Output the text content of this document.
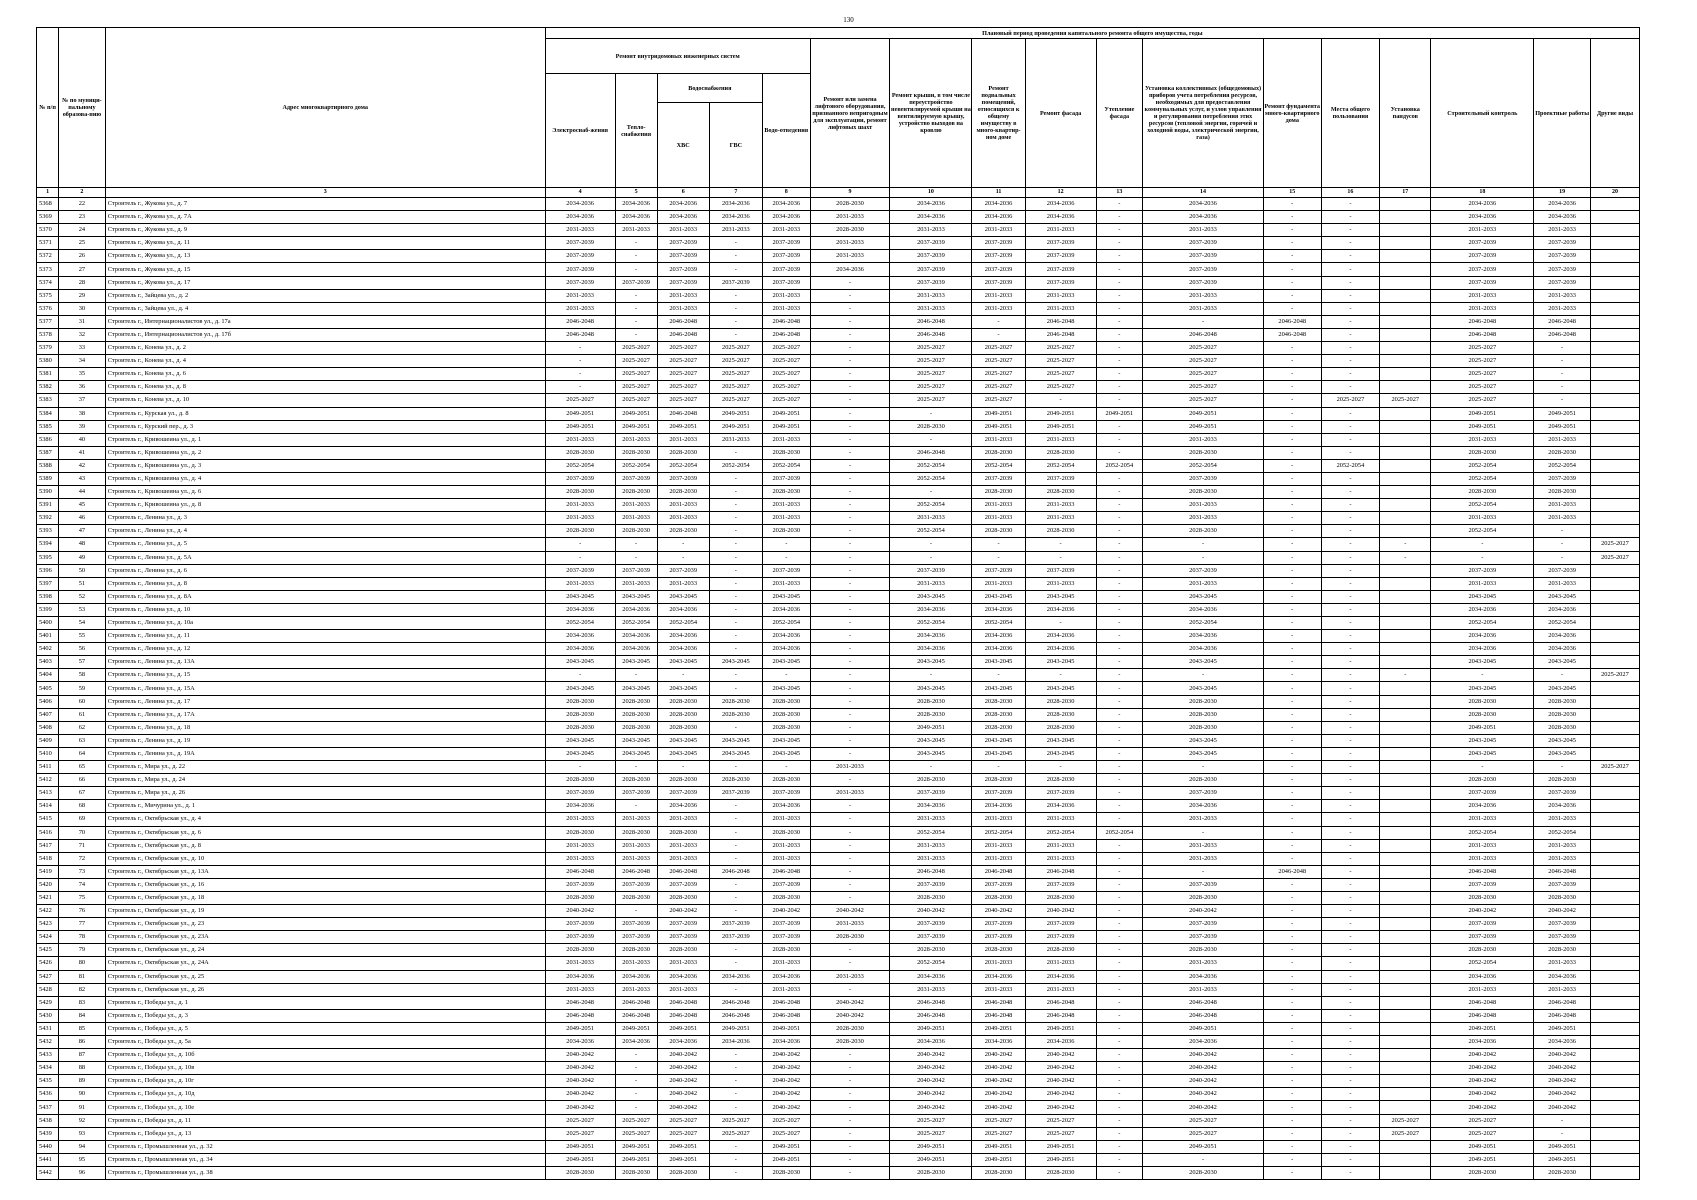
130
№ п/п	№ по муници-пальному образова-нию	Адрес многоквартирного дома	Плановый период проведения капитального ремонта общего имущества, годы																
			Ремонт внутридомовых инженерных систем					Ремонт или замена лифтового оборудования, признанного непригодным для эксплуатации, ремонт лифтовых шахт	Ремонт крыши, в том числе переустройство невентилируемой крыши на вентилируемую крышу, устройство выходов на кровлю	Ремонт подвальных помещений, относящихся к общему имуществу в много-квартир-ном доме	Ремонт фасада	Утепление фасада	Установка коллективных (общедомовых) приборов учета потребления ресурсов, необходимых для предоставления коммунальных услуг, и узлов управления и регулирования потребления этих ресурсов (тепловой энергии, горячей и холодной воды, электрической энергии, газа)	Ремонт фундамента много-квартирного дома	Места общего пользования	Установка пандусов	Строительный контроль	Проектные работы	Другие виды
			Электроснаб-жения	Тепло-снабжения	Водоснабжения		Водо-отведения												
					ХВС	ГВС													
1	2	3	4	5	6	7	8	9	10	11	12	13	14	15	16	17	18	19	20
5368	22	Строитель г., Жукова ул., д. 7	2034-2036	2034-2036	2034-2036	2034-2036	2034-2036	2028-2030	2034-2036	2034-2036	2034-2036	-	2034-2036	-	-		2034-2036	2034-2036	
5369	23	Строитель г., Жукова ул., д. 7А	2034-2036	2034-2036	2034-2036	2034-2036	2034-2036	2031-2033	2034-2036	2034-2036	2034-2036	-	2034-2036	-	-		2034-2036	2034-2036	
5370	24	Строитель г., Жукова ул., д. 9	2031-2033	2031-2033	2031-2033	2031-2033	2031-2033	2028-2030	2031-2033	2031-2033	2031-2033	-	2031-2033	-	-		2031-2033	2031-2033	
5371	25	Строитель г., Жукова ул., д. 11	2037-2039	-	2037-2039	-	2037-2039	2031-2033	2037-2039	2037-2039	2037-2039	-	2037-2039	-	-		2037-2039	2037-2039	
5372	26	Строитель г., Жукова ул., д. 13	2037-2039	-	2037-2039	-	2037-2039	2031-2033	2037-2039	2037-2039	2037-2039	-	2037-2039	-	-		2037-2039	2037-2039	
5373	27	Строитель г., Жукова ул., д. 15	2037-2039	-	2037-2039	-	2037-2039	2034-2036	2037-2039	2037-2039	2037-2039	-	2037-2039	-	-		2037-2039	2037-2039	
5374	28	Строитель г., Жукова ул., д. 17	2037-2039	2037-2039	2037-2039	2037-2039	2037-2039	-	2037-2039	2037-2039	2037-2039	-	2037-2039	-	-		2037-2039	2037-2039	
5375	29	Строитель г., Зайцева ул., д. 2	2031-2033	-	2031-2033	-	2031-2033	-	2031-2033	2031-2033	2031-2033	-	2031-2033	-	-		2031-2033	2031-2033	
5376	30	Строитель г., Зайцева ул., д. 4	2031-2033	-	2031-2033	-	2031-2033	-	2031-2033	2031-2033	2031-2033	-	2031-2033	-	-		2031-2033	2031-2033	
5377	31	Строитель г., Интернационалистов ул., д. 17а	2046-2048	-	2046-2048	-	2046-2048	-	2046-2048	-	2046-2048	-	-	2046-2048	-		2046-2048	2046-2048	
5378	32	Строитель г., Интернационалистов ул., д. 17б	2046-2048	-	2046-2048	-	2046-2048	-	2046-2048	-	2046-2048	-	2046-2048	2046-2048	-		2046-2048	2046-2048	
5379	33	Строитель г., Конева ул., д. 2	-	2025-2027	2025-2027	2025-2027	2025-2027	-	2025-2027	2025-2027	2025-2027	-	2025-2027	-	-		2025-2027	-	
5380	34	Строитель г., Конева ул., д. 4	-	2025-2027	2025-2027	2025-2027	2025-2027	-	2025-2027	2025-2027	2025-2027	-	2025-2027	-	-		2025-2027	-	
5381	35	Строитель г., Конева ул., д. 6	-	2025-2027	2025-2027	2025-2027	2025-2027	-	2025-2027	2025-2027	2025-2027	-	2025-2027	-	-		2025-2027	-	
5382	36	Строитель г., Конева ул., д. 8	-	2025-2027	2025-2027	2025-2027	2025-2027	-	2025-2027	2025-2027	2025-2027	-	2025-2027	-	-		2025-2027	-	
5383	37	Строитель г., Конева ул., д. 10	2025-2027	2025-2027	2025-2027	2025-2027	2025-2027	-	2025-2027	2025-2027	-	-	2025-2027	-	2025-2027	2025-2027	2025-2027	-	
5384	38	Строитель г., Курская ул., д. 8	2049-2051	2049-2051	2046-2048	2049-2051	2049-2051	-	-	2049-2051	2049-2051	2049-2051	2049-2051	-	-		2049-2051	2049-2051	
5385	39	Строитель г., Курский пер., д. 3	2049-2051	2049-2051	2049-2051	2049-2051	2049-2051	-	2028-2030	2049-2051	2049-2051	-	2049-2051	-	-		2049-2051	2049-2051	
5386	40	Строитель г., Кривошеина ул., д. 1	2031-2033	2031-2033	2031-2033	2031-2033	2031-2033	-	-	2031-2033	2031-2033	-	2031-2033	-	-		2031-2033	2031-2033	
5387	41	Строитель г., Кривошеина ул., д. 2	2028-2030	2028-2030	2028-2030	-	2028-2030	-	2046-2048	2028-2030	2028-2030	-	2028-2030	-	-		2028-2030	2028-2030	
5388	42	Строитель г., Кривошеина ул., д. 3	2052-2054	2052-2054	2052-2054	2052-2054	2052-2054	-	2052-2054	2052-2054	2052-2054	2052-2054	2052-2054	-	2052-2054		2052-2054	2052-2054	
5389	43	Строитель г., Кривошеина ул., д. 4	2037-2039	2037-2039	2037-2039	-	2037-2039	-	2052-2054	2037-2039	2037-2039	-	2037-2039	-	-		2052-2054	2037-2039	
5390	44	Строитель г., Кривошеина ул., д. 6	2028-2030	2028-2030	2028-2030	-	2028-2030	-	-	2028-2030	2028-2030	-	2028-2030	-	-		2028-2030	2028-2030	
5391	45	Строитель г., Кривошеина ул., д. 8	2031-2033	2031-2033	2031-2033	-	2031-2033	-	2052-2054	2031-2033	2031-2033	-	2031-2033	-	-		2052-2054	2031-2033	
5392	46	Строитель г., Ленина ул., д. 3	2031-2033	2031-2033	2031-2033	-	2031-2033	-	2031-2033	2031-2033	2031-2033	-	2031-2033	-	-		2031-2033	2031-2033	
5393	47	Строитель г., Ленина ул., д. 4	2028-2030	2028-2030	2028-2030	-	2028-2030	-	2052-2054	2028-2030	2028-2030	-	2028-2030	-	-		2052-2054	-	
5394	48	Строитель г., Ленина ул., д. 5	-	-	-	-	-	-	-	-	-	-	-	-	-	-	-	-	2025-2027
5395	49	Строитель г., Ленина ул., д. 5А	-	-	-	-	-	-	-	-	-	-	-	-	-	-	-	-	2025-2027
5396	50	Строитель г., Ленина ул., д. 6	2037-2039	2037-2039	2037-2039	-	2037-2039	-	2037-2039	2037-2039	2037-2039	-	2037-2039	-	-		2037-2039	2037-2039	
5397	51	Строитель г., Ленина ул., д. 8	2031-2033	2031-2033	2031-2033	-	2031-2033	-	2031-2033	2031-2033	2031-2033	-	2031-2033	-	-		2031-2033	2031-2033	
5398	52	Строитель г., Ленина ул., д. 8А	2043-2045	2043-2045	2043-2045	-	2043-2045	-	2043-2045	2043-2045	2043-2045	-	2043-2045	-	-		2043-2045	2043-2045	
5399	53	Строитель г., Ленина ул., д. 10	2034-2036	2034-2036	2034-2036	-	2034-2036	-	2034-2036	2034-2036	2034-2036	-	2034-2036	-	-		2034-2036	2034-2036	
5400	54	Строитель г., Ленина ул., д. 10а	2052-2054	2052-2054	2052-2054	-	2052-2054	-	2052-2054	2052-2054	-	-	2052-2054	-	-		2052-2054	2052-2054	
5401	55	Строитель г., Ленина ул., д. 11	2034-2036	2034-2036	2034-2036	-	2034-2036	-	2034-2036	2034-2036	2034-2036	-	2034-2036	-	-		2034-2036	2034-2036	
5402	56	Строитель г., Ленина ул., д. 12	2034-2036	2034-2036	2034-2036	-	2034-2036	-	2034-2036	2034-2036	2034-2036	-	2034-2036	-	-		2034-2036	2034-2036	
5403	57	Строитель г., Ленина ул., д. 13А	2043-2045	2043-2045	2043-2045	2043-2045	2043-2045	-	2043-2045	2043-2045	2043-2045	-	2043-2045	-	-		2043-2045	2043-2045	
5404	58	Строитель г., Ленина ул., д. 15	-	-	-	-	-	-	-	-	-	-	-	-	-	-	-	-	2025-2027
5405	59	Строитель г., Ленина ул., д. 15А	2043-2045	2043-2045	2043-2045	-	2043-2045	-	2043-2045	2043-2045	2043-2045	-	2043-2045	-	-		2043-2045	2043-2045	
5406	60	Строитель г., Ленина ул., д. 17	2028-2030	2028-2030	2028-2030	2028-2030	2028-2030	-	2028-2030	2028-2030	2028-2030	-	2028-2030	-	-		2028-2030	2028-2030	
5407	61	Строитель г., Ленина ул., д. 17А	2028-2030	2028-2030	2028-2030	2028-2030	2028-2030	-	2028-2030	2028-2030	2028-2030	-	2028-2030	-	-		2028-2030	2028-2030	
5408	62	Строитель г., Ленина ул., д. 18	2028-2030	2028-2030	2028-2030	-	2028-2030	-	2049-2051	2028-2030	2028-2030	-	2028-2030	-	-		2049-2051	2028-2030	
5409	63	Строитель г., Ленина ул., д. 19	2043-2045	2043-2045	2043-2045	2043-2045	2043-2045	-	2043-2045	2043-2045	2043-2045	-	2043-2045	-	-		2043-2045	2043-2045	
5410	64	Строитель г., Ленина ул., д. 19А	2043-2045	2043-2045	2043-2045	2043-2045	2043-2045	-	2043-2045	2043-2045	2043-2045	-	2043-2045	-	-		2043-2045	2043-2045	
5411	65	Строитель г., Мира ул., д. 22	-	-	-	-	-	2031-2033	-	-	-	-	-	-	-		-	-	2025-2027
5412	66	Строитель г., Мира ул., д. 24	2028-2030	2028-2030	2028-2030	2028-2030	2028-2030	-	2028-2030	2028-2030	2028-2030	-	2028-2030	-	-		2028-2030	2028-2030	
5413	67	Строитель г., Мира ул., д. 26	2037-2039	2037-2039	2037-2039	2037-2039	2037-2039	2031-2033	2037-2039	2037-2039	2037-2039	-	2037-2039	-	-		2037-2039	2037-2039	
5414	68	Строитель г., Мичурина ул., д. 1	2034-2036	-	2034-2036	-	2034-2036	-	2034-2036	2034-2036	2034-2036	-	2034-2036	-	-		2034-2036	2034-2036	
5415	69	Строитель г., Октябрьская ул., д. 4	2031-2033	2031-2033	2031-2033	-	2031-2033	-	2031-2033	2031-2033	2031-2033	-	2031-2033	-	-		2031-2033	2031-2033	
5416	70	Строитель г., Октябрьская ул., д. 6	2028-2030	2028-2030	2028-2030	-	2028-2030	-	2052-2054	2052-2054	2052-2054	2052-2054	-	-	-		2052-2054	2052-2054	
5417	71	Строитель г., Октябрьская ул., д. 8	2031-2033	2031-2033	2031-2033	-	2031-2033	-	2031-2033	2031-2033	2031-2033	-	2031-2033	-	-		2031-2033	2031-2033	
5418	72	Строитель г., Октябрьская ул., д. 10	2031-2033	2031-2033	2031-2033	-	2031-2033	-	2031-2033	2031-2033	2031-2033	-	2031-2033	-	-		2031-2033	2031-2033	
5419	73	Строитель г., Октябрьская ул., д. 13А	2046-2048	2046-2048	2046-2048	2046-2048	2046-2048	-	2046-2048	2046-2048	2046-2048	-	-	2046-2048	-		2046-2048	2046-2048	
5420	74	Строитель г., Октябрьская ул., д. 16	2037-2039	2037-2039	2037-2039	-	2037-2039	-	2037-2039	2037-2039	2037-2039	-	2037-2039	-	-		2037-2039	2037-2039	
5421	75	Строитель г., Октябрьская ул., д. 18	2028-2030	2028-2030	2028-2030	-	2028-2030	-	2028-2030	2028-2030	2028-2030	-	2028-2030	-	-		2028-2030	2028-2030	
5422	76	Строитель г., Октябрьская ул., д. 19	2040-2042	-	2040-2042	-	2040-2042	2040-2042	2040-2042	2040-2042	2040-2042	-	2040-2042	-	-		2040-2042	2040-2042	
5423	77	Строитель г., Октябрьская ул., д. 23	2037-2039	2037-2039	2037-2039	2037-2039	2037-2039	2031-2033	2037-2039	2037-2039	2037-2039	-	2037-2039	-	-		2037-2039	2037-2039	
5424	78	Строитель г., Октябрьская ул., д. 23А	2037-2039	2037-2039	2037-2039	2037-2039	2037-2039	2028-2030	2037-2039	2037-2039	2037-2039	-	2037-2039	-	-		2037-2039	2037-2039	
5425	79	Строитель г., Октябрьская ул., д. 24	2028-2030	2028-2030	2028-2030	-	2028-2030	-	2028-2030	2028-2030	2028-2030	-	2028-2030	-	-		2028-2030	2028-2030	
5426	80	Строитель г., Октябрьская ул., д. 24А	2031-2033	2031-2033	2031-2033	-	2031-2033	-	2052-2054	2031-2033	2031-2033	-	2031-2033	-	-		2052-2054	2031-2033	
5427	81	Строитель г., Октябрьская ул., д. 25	2034-2036	2034-2036	2034-2036	2034-2036	2034-2036	2031-2033	2034-2036	2034-2036	2034-2036	-	2034-2036	-	-		2034-2036	2034-2036	
5428	82	Строитель г., Октябрьская ул., д. 26	2031-2033	2031-2033	2031-2033	-	2031-2033	-	2031-2033	2031-2033	2031-2033	-	2031-2033	-	-		2031-2033	2031-2033	
5429	83	Строитель г., Победы ул., д. 1	2046-2048	2046-2048	2046-2048	2046-2048	2046-2048	2040-2042	2046-2048	2046-2048	2046-2048	-	2046-2048	-	-		2046-2048	2046-2048	
5430	84	Строитель г., Победы ул., д. 3	2046-2048	2046-2048	2046-2048	2046-2048	2046-2048	2040-2042	2046-2048	2046-2048	2046-2048	-	2046-2048	-	-		2046-2048	2046-2048	
5431	85	Строитель г., Победы ул., д. 5	2049-2051	2049-2051	2049-2051	2049-2051	2049-2051	2028-2030	2049-2051	2049-2051	2049-2051	-	2049-2051	-	-		2049-2051	2049-2051	
5432	86	Строитель г., Победы ул., д. 5а	2034-2036	2034-2036	2034-2036	2034-2036	2034-2036	2028-2030	2034-2036	2034-2036	2034-2036	-	2034-2036	-	-		2034-2036	2034-2036	
5433	87	Строитель г., Победы ул., д. 10б	2040-2042	-	2040-2042	-	2040-2042	-	2040-2042	2040-2042	2040-2042	-	2040-2042	-	-		2040-2042	2040-2042	
5434	88	Строитель г., Победы ул., д. 10в	2040-2042	-	2040-2042	-	2040-2042	-	2040-2042	2040-2042	2040-2042	-	2040-2042	-	-		2040-2042	2040-2042	
5435	89	Строитель г., Победы ул., д. 10г	2040-2042	-	2040-2042	-	2040-2042	-	2040-2042	2040-2042	2040-2042	-	2040-2042	-	-		2040-2042	2040-2042	
5436	90	Строитель г., Победы ул., д. 10д	2040-2042	-	2040-2042	-	2040-2042	-	2040-2042	2040-2042	2040-2042	-	2040-2042	-	-		2040-2042	2040-2042	
5437	91	Строитель г., Победы ул., д. 10е	2040-2042	-	2040-2042	-	2040-2042	-	2040-2042	2040-2042	2040-2042	-	2040-2042	-	-		2040-2042	2040-2042	
5438	92	Строитель г., Победы ул., д. 11	2025-2027	2025-2027	2025-2027	2025-2027	2025-2027	-	2025-2027	2025-2027	2025-2027	-	2025-2027	-	-	2025-2027	2025-2027	-	
5439	93	Строитель г., Победы ул., д. 13	2025-2027	2025-2027	2025-2027	2025-2027	2025-2027	-	2025-2027	2025-2027	2025-2027	-	2025-2027	-	-	2025-2027	2025-2027	-	
5440	94	Строитель г., Промышленная ул., д. 32	2049-2051	2049-2051	2049-2051	-	2049-2051	-	2049-2051	2049-2051	2049-2051	-	2049-2051	-	-		2049-2051	2049-2051	
5441	95	Строитель г., Промышленная ул., д. 34	2049-2051	2049-2051	2049-2051	-	2049-2051	-	2049-2051	2049-2051	2049-2051	-	-	-	-		2049-2051	2049-2051	
5442	96	Строитель г., Промышленная ул., д. 38	2028-2030	2028-2030	2028-2030	-	2028-2030	-	2028-2030	2028-2030	2028-2030	-	2028-2030	-	-		2028-2030	2028-2030	
